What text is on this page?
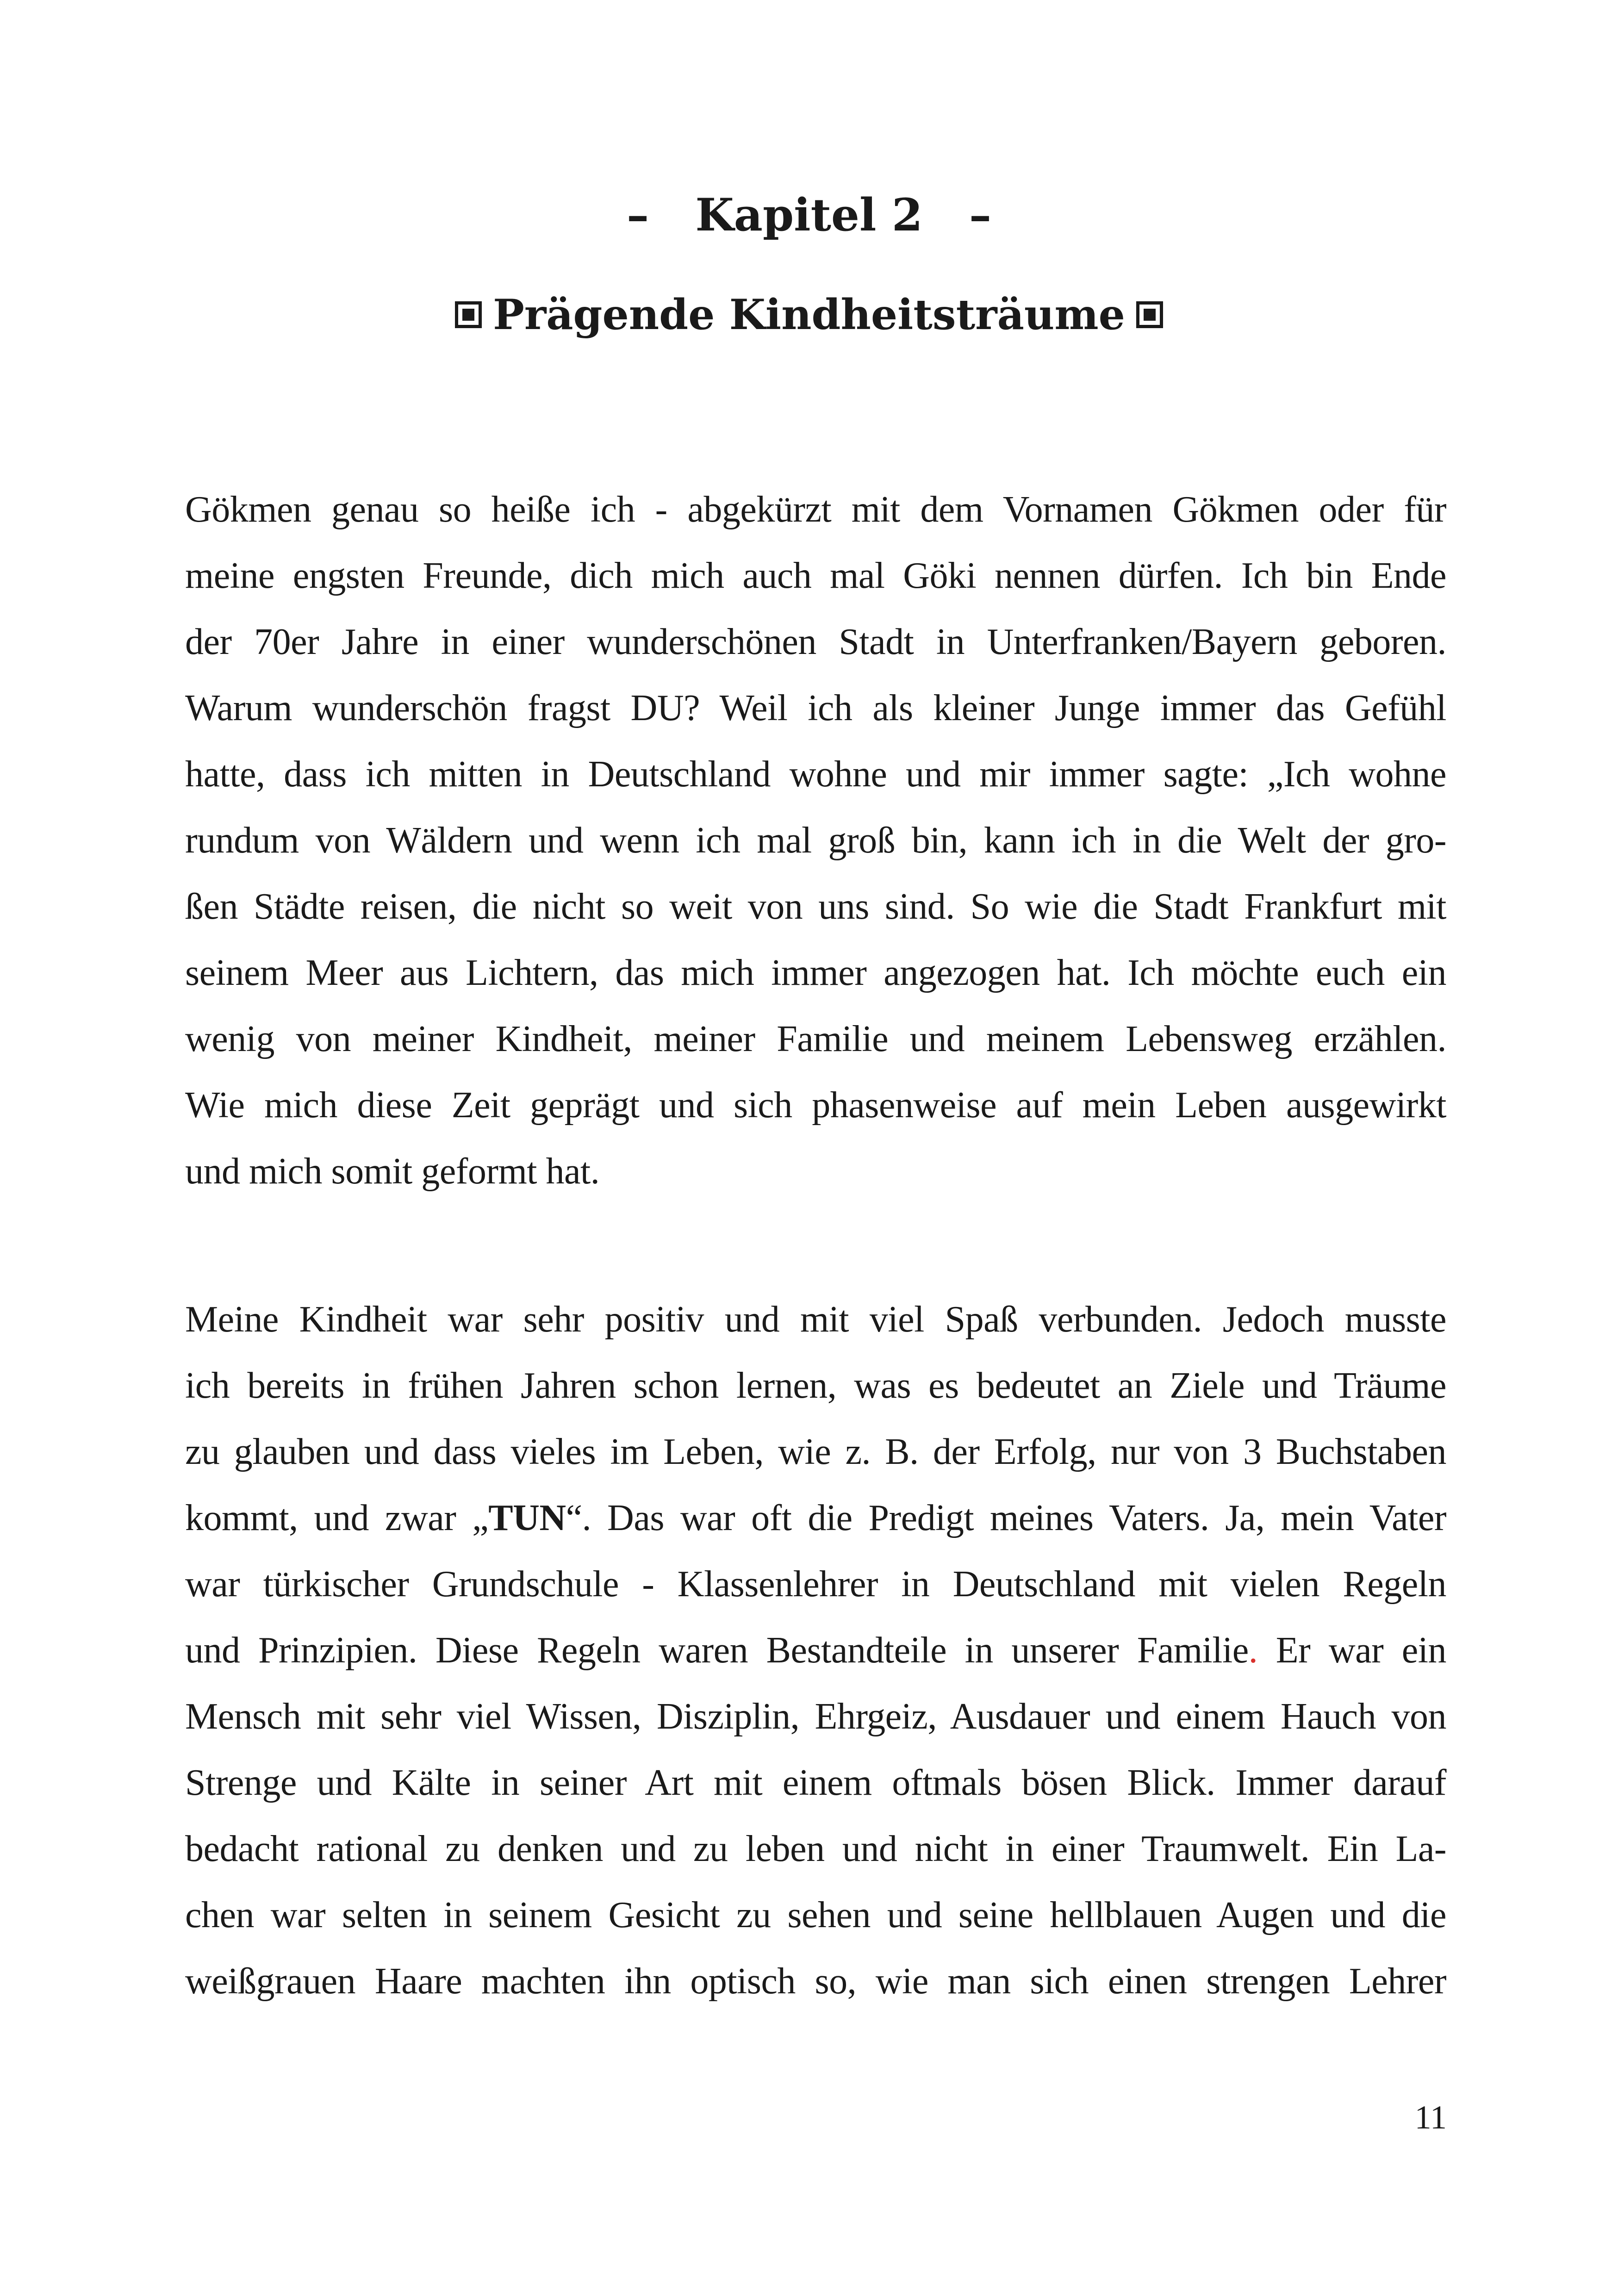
– Kapitel 2 –
Prägende Kindheitsträume
Gökmen genau so heiße ich - abgekürzt mit dem Vornamen Gökmen oder für
meine engsten Freunde, dich mich auch mal Göki nennen dürfen. Ich bin Ende
der 70er Jahre in einer wunderschönen Stadt in Unterfranken/Bayern geboren.
Warum wunderschön fragst DU? Weil ich als kleiner Junge immer das Gefühl
hatte, dass ich mitten in Deutschland wohne und mir immer sagte: „Ich wohne
rundum von Wäldern und wenn ich mal groß bin, kann ich in die Welt der gro-
ßen Städte reisen, die nicht so weit von uns sind. So wie die Stadt Frankfurt mit
seinem Meer aus Lichtern, das mich immer angezogen hat. Ich möchte euch ein
wenig von meiner Kindheit, meiner Familie und meinem Lebensweg erzählen.
Wie mich diese Zeit geprägt und sich phasenweise auf mein Leben ausgewirkt
und mich somit geformt hat.
Meine Kindheit war sehr positiv und mit viel Spaß verbunden. Jedoch musste
ich bereits in frühen Jahren schon lernen, was es bedeutet an Ziele und Träume
zu glauben und dass vieles im Leben, wie z. B. der Erfolg, nur von 3 Buchstaben
kommt, und zwar „TUN“. Das war oft die Predigt meines Vaters. Ja, mein Vater
war türkischer Grundschule - Klassenlehrer in Deutschland mit vielen Regeln
und Prinzipien. Diese Regeln waren Bestandteile in unserer Familie. Er war ein
Mensch mit sehr viel Wissen, Disziplin, Ehrgeiz, Ausdauer und einem Hauch von
Strenge und Kälte in seiner Art mit einem oftmals bösen Blick. Immer darauf
bedacht rational zu denken und zu leben und nicht in einer Traumwelt. Ein La-
chen war selten in seinem Gesicht zu sehen und seine hellblauen Augen und die
weißgrauen Haare machten ihn optisch so, wie man sich einen strengen Lehrer
11
